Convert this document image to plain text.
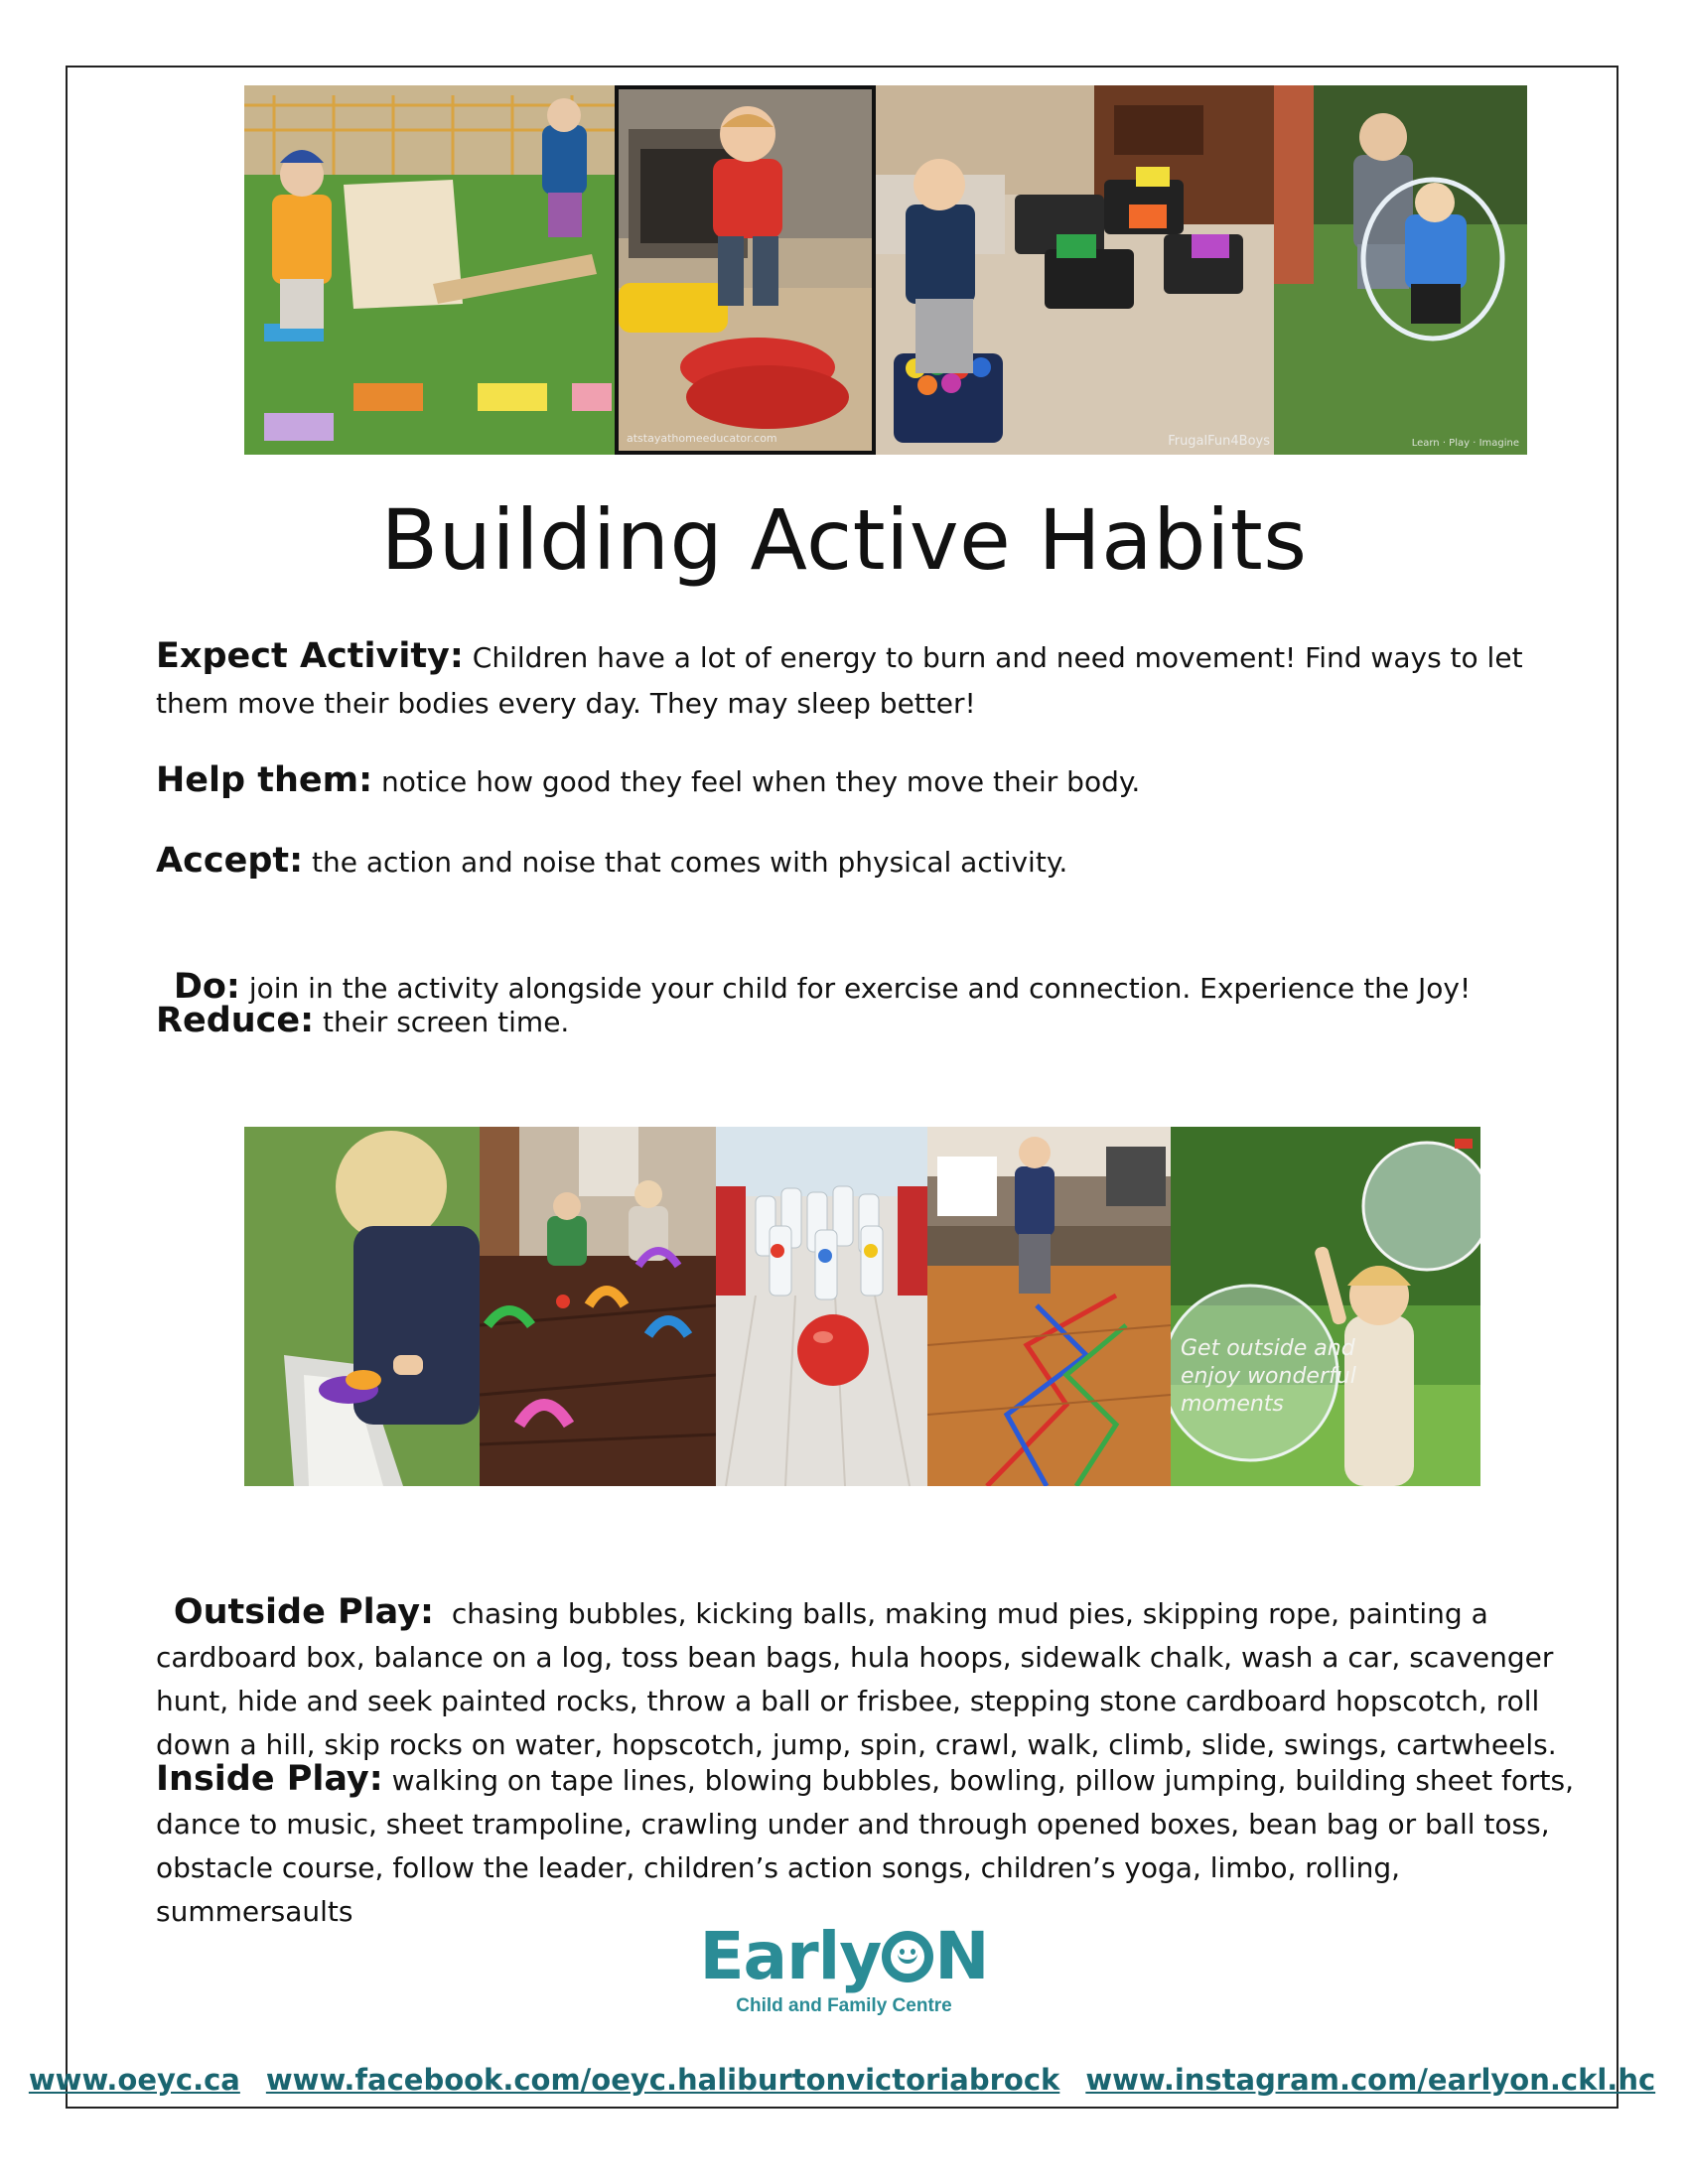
atstayathomeeducator.com	FrugalFun4Boys	Learn · Play · Imagine
Building Active Habits

Expect Activity: Children have a lot of energy to burn and need movement! Find ways to let them move their bodies every day. They may sleep better!

Help them: notice how good they feel when they move their body.

Accept: the action and noise that comes with physical activity.

Do: join in the activity alongside your child for exercise and connection. Experience the Joy!

Reduce: their screen time.

Get outside and
enjoy wonderful
moments

Outside Play:  chasing bubbles, kicking balls, making mud pies, skipping rope, painting a cardboard box, balance on a log, toss bean bags, hula hoops, sidewalk chalk, wash a car, scavenger hunt, hide and seek painted rocks, throw a ball or frisbee, stepping stone cardboard hopscotch, roll down a hill, skip rocks on water, hopscotch, jump, spin, crawl, walk, climb, slide, swings, cartwheels.

Inside Play: walking on tape lines, blowing bubbles, bowling, pillow jumping, building sheet forts, dance to music, sheet trampoline, crawling under and through opened boxes, bean bag or ball toss, obstacle course, follow the leader, children’s action songs, children’s yoga, limbo, rolling, summersaults

Early N
Child and Family Centre
www.oeyc.ca www.facebook.com/oeyc.haliburtonvictoriabrock www.instagram.com/earlyon.ckl.hc
